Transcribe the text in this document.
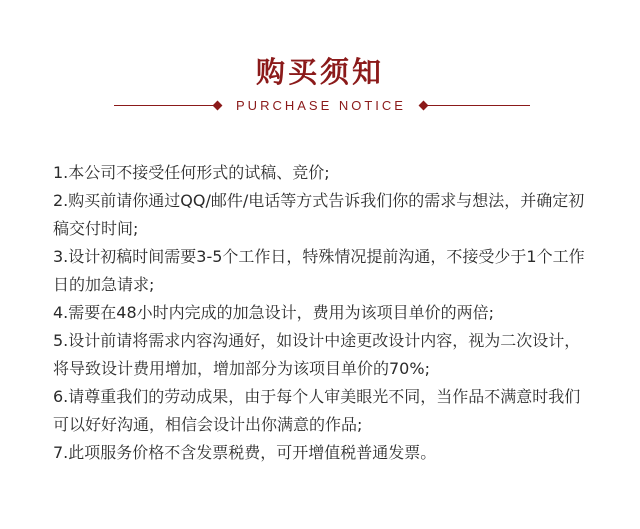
购买须知
PURCHASE NOTICE
1.本公司不接受任何形式的试稿、竞价;
2.购买前请你通过QQ/邮件/电话等方式告诉我们你的需求与想法，并确定初稿交付时间;
3.设计初稿时间需要3-5个工作日，特殊情况提前沟通，不接受少于1个工作日的加急请求;
4.需要在48小时内完成的加急设计，费用为该项目单价的两倍;
5.设计前请将需求内容沟通好，如设计中途更改设计内容，视为二次设计，将导致设计费用增加，增加部分为该项目单价的70%;
6.请尊重我们的劳动成果，由于每个人审美眼光不同，当作品不满意时我们可以好好沟通，相信会设计出你满意的作品;
7.此项服务价格不含发票税费，可开增值税普通发票。
